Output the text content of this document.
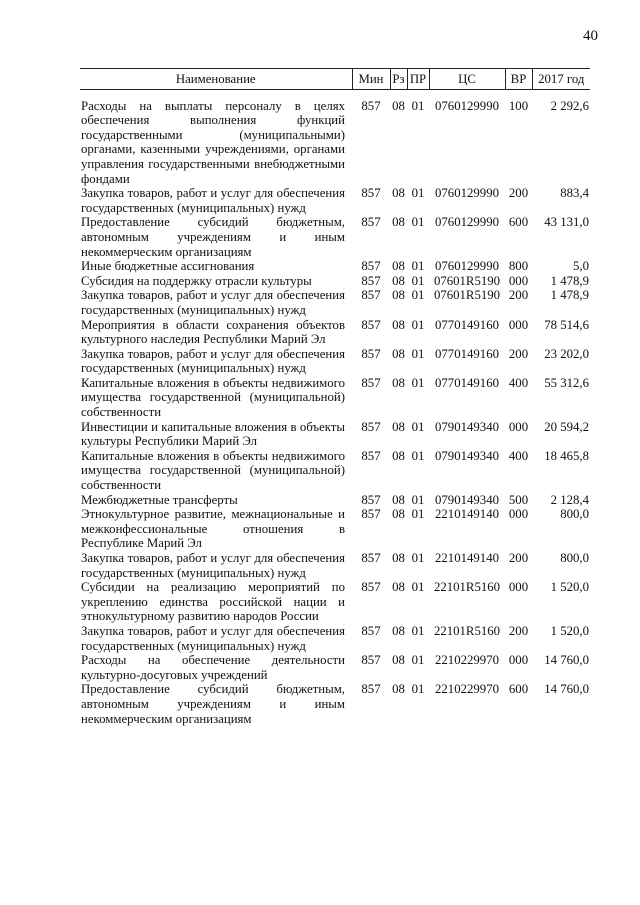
40
Наименование	Мин	Рз	ПР	ЦС	ВР	2017 год
Расходы на выплаты персоналу в целях обеспечения выполнения функций государственными (муниципальными) органами, казенными учреждениями, органами управления государственными внебюджетными фондами	857	08	01	0760129990	100	2 292,6
Закупка товаров, работ и услуг для обеспечения государственных (муниципальных) нужд	857	08	01	0760129990	200	883,4
Предоставление субсидий бюджетным, автономным учреждениям и иным некоммерческим организациям	857	08	01	0760129990	600	43 131,0
Иные бюджетные ассигнования	857	08	01	0760129990	800	5,0
Субсидия на поддержку отрасли культуры	857	08	01	07601R5190	000	1 478,9
Закупка товаров, работ и услуг для обеспечения государственных (муниципальных) нужд	857	08	01	07601R5190	200	1 478,9
Мероприятия в области сохранения объектов культурного наследия Республики Марий Эл	857	08	01	0770149160	000	78 514,6
Закупка товаров, работ и услуг для обеспечения государственных (муниципальных) нужд	857	08	01	0770149160	200	23 202,0
Капитальные вложения в объекты недвижимого имущества государственной (муниципальной) собственности	857	08	01	0770149160	400	55 312,6
Инвестиции и капитальные вложения в объекты культуры Республики Марий Эл	857	08	01	0790149340	000	20 594,2
Капитальные вложения в объекты недвижимого имущества государственной (муниципальной) собственности	857	08	01	0790149340	400	18 465,8
Межбюджетные трансферты	857	08	01	0790149340	500	2 128,4
Этнокультурное развитие, межнациональные и межконфессиональные отношения в Республике Марий Эл	857	08	01	2210149140	000	800,0
Закупка товаров, работ и услуг для обеспечения государственных (муниципальных) нужд	857	08	01	2210149140	200	800,0
Субсидии на реализацию мероприятий по укреплению единства российской нации и этнокультурному развитию народов России	857	08	01	22101R5160	000	1 520,0
Закупка товаров, работ и услуг для обеспечения государственных (муниципальных) нужд	857	08	01	22101R5160	200	1 520,0
Расходы на обеспечение деятельности культурно-досуговых учреждений	857	08	01	2210229970	000	14 760,0
Предоставление субсидий бюджетным, автономным учреждениям и иным некоммерческим организациям	857	08	01	2210229970	600	14 760,0
